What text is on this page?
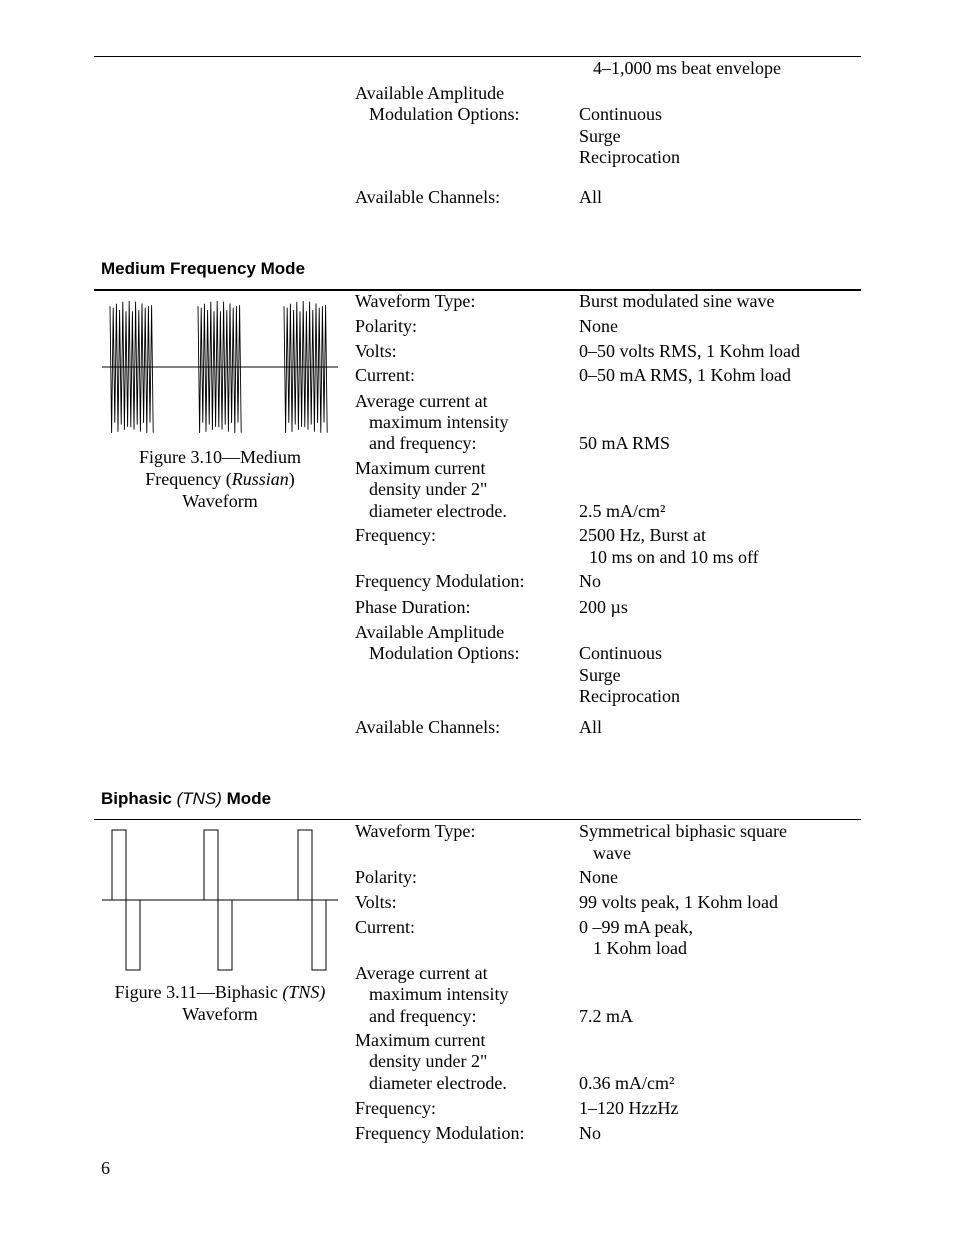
4–1,000 ms beat envelope
Available Amplitude
Modulation Options:	Continuous
Surge
Reciprocation
Available Channels:	All
Medium Frequency Mode
Figure 3.10—Medium
Frequency (Russian)
Waveform
Waveform Type:	Burst modulated sine wave
Polarity:	None
Volts:	0–50 volts RMS, 1 Kohm load
Current:	0–50 mA RMS, 1 Kohm load
Average current at
maximum intensity
and frequency:	50 mA RMS
Maximum current
density under 2"
diameter electrode.	2.5 mA/cm²
Frequency:	2500 Hz, Burst at
10 ms on and 10 ms off
Frequency Modulation:	No
Phase Duration:	200 µs
Available Amplitude
Modulation Options:	Continuous
Surge
Reciprocation
Available Channels:	All
Biphasic (TNS) Mode
Figure 3.11—Biphasic (TNS)
Waveform
Waveform Type:	Symmetrical biphasic square
wave
Polarity:	None
Volts:	99 volts peak, 1 Kohm load
Current:	0 –99 mA peak,
1 Kohm load
Average current at
maximum intensity
and frequency:	7.2 mA
Maximum current
density under 2"
diameter electrode.	0.36 mA/cm²
Frequency:	1–120 HzzHz
Frequency Modulation:	No
6
